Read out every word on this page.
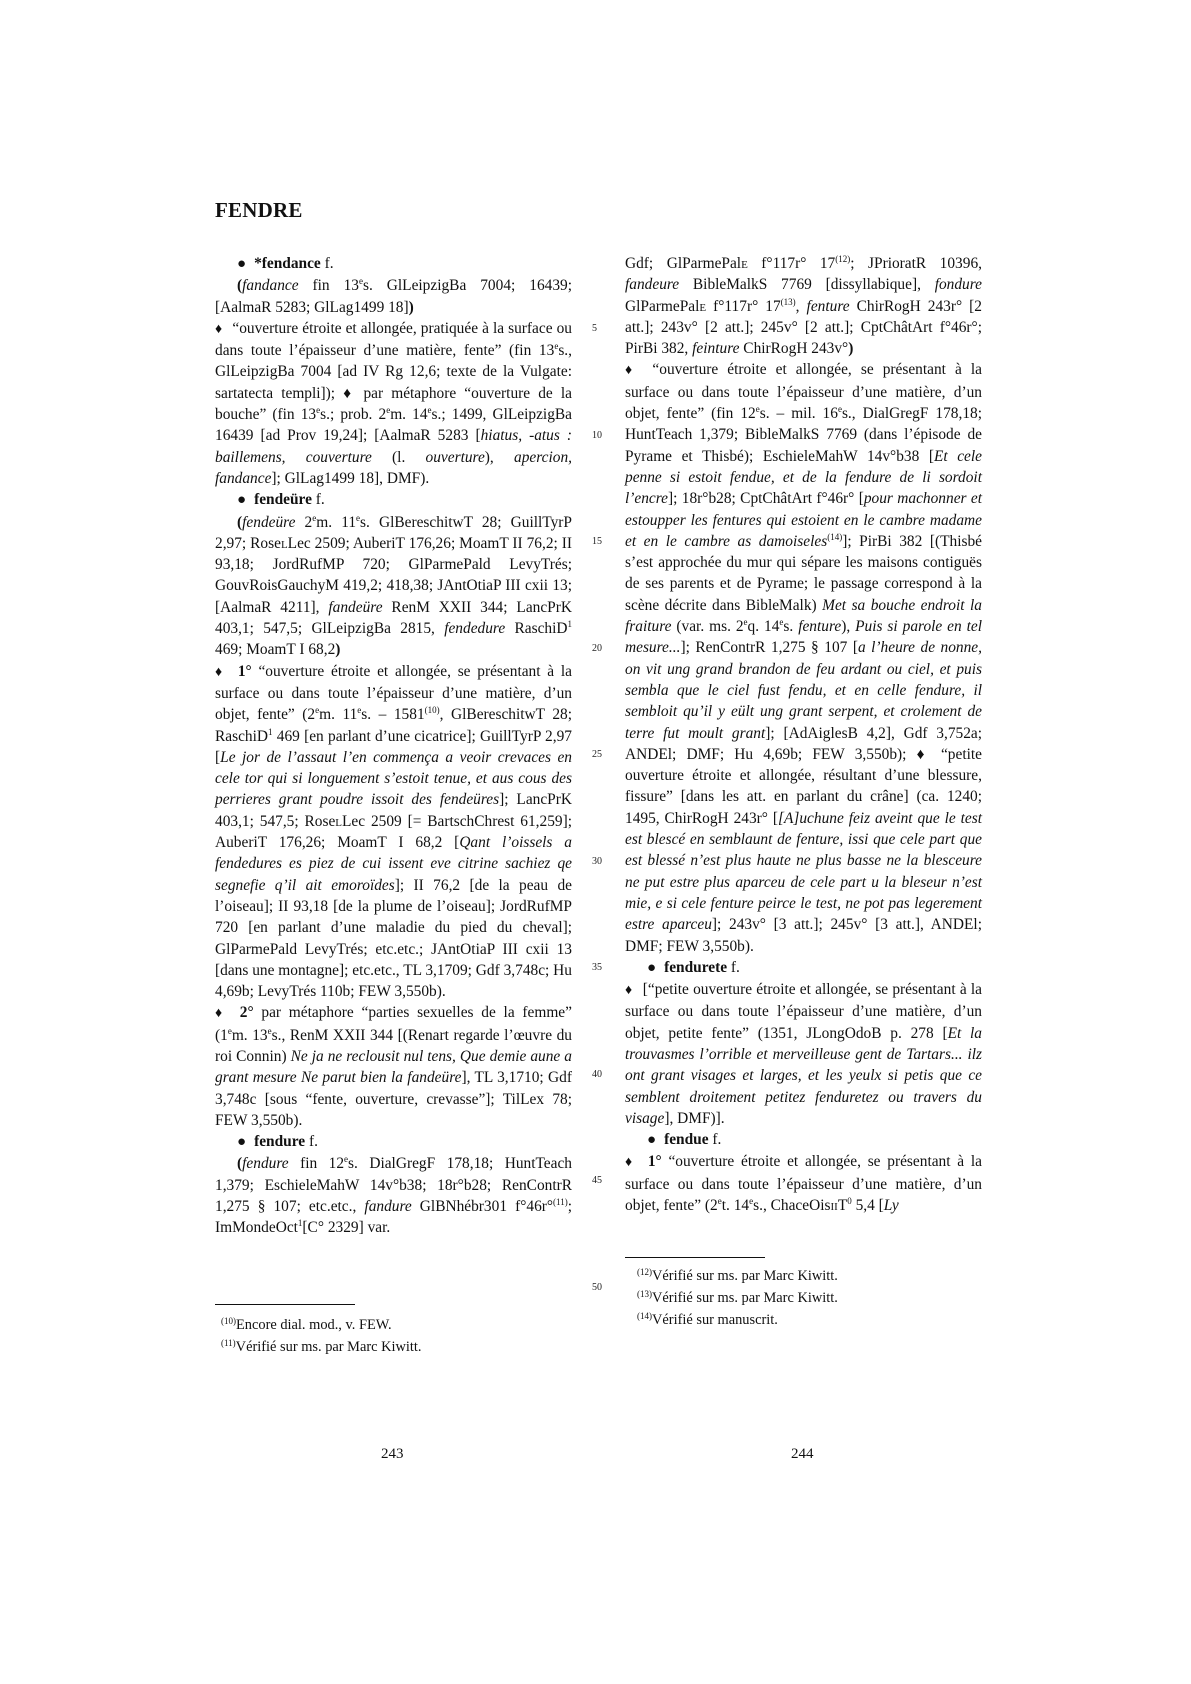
FENDRE

● *fendance f.

(fandance fin 13es. GlLeipzigBa 7004; 16439; [AalmaR 5283; GlLag1499 18])

♦ “ouverture étroite et allongée, pratiquée à la surface ou dans toute l’épaisseur d’une matière, fente” (fin 13es., GlLeipzigBa 7004 [ad IV Rg 12,6; texte de la Vulgate: sartatecta templi]); ♦ par métaphore “ouverture de la bouche” (fin 13es.; prob. 2em. 14es.; 1499, GlLeipzigBa 16439 [ad Prov 19,24]; [AalmaR 5283 [hiatus, -atus : baillemens, couverture (l. ouverture), apercion, fandance]; GlLag1499 18], DMF).

● fendeüre f.

(fendeüre 2em. 11es. GlBereschitwT 28; GuillTyrP 2,97; RoselLec 2509; AuberiT 176,26; MoamT II 76,2; II 93,18; JordRufMP 720; GlParmePald LevyTrés; GouvRoisGauchyM 419,2; 418,38; JAntOtiaP III cxii 13; [AalmaR 4211], fandeüre RenM XXII 344; LancPrK 403,1; 547,5; GlLeipzigBa 2815, fendedure RaschiD$^1$ 469; MoamT I 68,2)

♦ 1° “ouverture étroite et allongée, se présentant à la surface ou dans toute l’épaisseur d’une matière, d’un objet, fente” (2em. 11es. – 1581$^{(10)}$, GlBereschitwT 28; RaschiD$^1$ 469 [en parlant d’une cicatrice]; GuillTyrP 2,97 [Le jor de l’assaut l’en commença a veoir crevaces en cele tor qui si longuement s’estoit tenue, et aus cous des perrieres grant poudre issoit des fendeüres]; LancPrK 403,1; 547,5; RoselLec 2509 [= BartschChrest 61,259]; AuberiT 176,26; MoamT I 68,2 [Qant l’oissels a fendedures es piez de cui issent eve citrine sachiez qe segnefie q’il ait emoroïdes]; II 76,2 [de la peau de l’oiseau]; II 93,18 [de la plume de l’oiseau]; JordRufMP 720 [en parlant d’une maladie du pied du cheval]; GlParmePald LevyTrés; etc.etc.; JAntOtiaP III cxii 13 [dans une montagne]; etc.etc., TL 3,1709; Gdf 3,748c; Hu 4,69b; LevyTrés 110b; FEW 3,550b).

♦ 2° par métaphore “parties sexuelles de la femme” (1em. 13es., RenM XXII 344 [(Renart regarde l’œuvre du roi Connin) Ne ja ne reclousit nul tens, Que demie aune a grant mesure Ne parut bien la fandeüre], TL 3,1710; Gdf 3,748c [sous “fente, ouverture, crevasse”]; TilLex 78; FEW 3,550b).

● fendure f.

(fendure fin 12es. DialGregF 178,18; HuntTeach 1,379; EschieleMahW 14v°b38; 18r°b28; RenContrR 1,275 § 107; etc.etc., fandure GlBNhébr301 f°46r°$^{(11)}$; ImMondeOct$^1$[C° 2329] var.

5
10
15
20
25
30
35
40
45
50

Gdf; GlParmePale f°117r° 17$^{(12)}$; JPrioratR 10396, fandeure BibleMalkS 7769 [dissyllabique], fondure GlParmePale f°117r° 17$^{(13)}$, fenture ChirRogH 243r° [2 att.]; 243v° [2 att.]; 245v° [2 att.]; CptChâtArt f°46r°; PirBi 382, feinture ChirRogH 243v°)

♦ “ouverture étroite et allongée, se présentant à la surface ou dans toute l’épaisseur d’une matière, d’un objet, fente” (fin 12es. – mil. 16es., DialGregF 178,18; HuntTeach 1,379; BibleMalkS 7769 (dans l’épisode de Pyrame et Thisbé); EschieleMahW 14v°b38 [Et cele penne si estoit fendue, et de la fendure de li sordoit l’encre]; 18r°b28; CptChâtArt f°46r° [pour machonner et estoupper les fentures qui estoient en le cambre madame et en le cambre as damoiseles$^{(14)}$]; PirBi 382 [(Thisbé s’est approchée du mur qui sépare les maisons contiguës de ses parents et de Pyrame; le passage correspond à la scène décrite dans BibleMalk) Met sa bouche endroit la fraiture (var. ms. 2eq. 14es. fenture), Puis si parole en tel mesure...]; RenContrR 1,275 § 107 [a l’heure de nonne, on vit ung grand brandon de feu ardant ou ciel, et puis sembla que le ciel fust fendu, et en celle fendure, il sembloit qu’il y eült ung grant serpent, et crolement de terre fut moult grant]; [AdAiglesB 4,2], Gdf 3,752a; ANDEl; DMF; Hu 4,69b; FEW 3,550b); ♦ “petite ouverture étroite et allongée, résultant d’une blessure, fissure” [dans les att. en parlant du crâne] (ca. 1240; 1495, ChirRogH 243r° [[A]uchune feiz aveint que le test est blescé en semblaunt de fenture, issi que cele part que est blessé n’est plus haute ne plus basse ne la blesceure ne put estre plus aparceu de cele part u la bleseur n’est mie, e si cele fenture peirce le test, ne pot pas legerement estre aparceu]; 243v° [3 att.]; 245v° [3 att.], ANDEl; DMF; FEW 3,550b).

● fendurete f.

♦ [“petite ouverture étroite et allongée, se présentant à la surface ou dans toute l’épaisseur d’une matière, d’un objet, petite fente” (1351, JLongOdoB p. 278 [Et la trouvasmes l’orrible et merveilleuse gent de Tartars... ilz ont grant visages et larges, et les yeulx si petis que ce semblent droitement petitez fenduretez ou travers du visage], DMF)].

● fendue f.

♦ 1° “ouverture étroite et allongée, se présentant à la surface ou dans toute l’épaisseur d’une matière, d’un objet, fente” (2et. 14es., ChaceOisiiT$^0$ 5,4 [Ly

$^{(10)}$Encore dial. mod., v. FEW.
$^{(11)}$Vérifié sur ms. par Marc Kiwitt.
$^{(12)}$Vérifié sur ms. par Marc Kiwitt.
$^{(13)}$Vérifié sur ms. par Marc Kiwitt.
$^{(14)}$Vérifié sur manuscrit.
243	244
